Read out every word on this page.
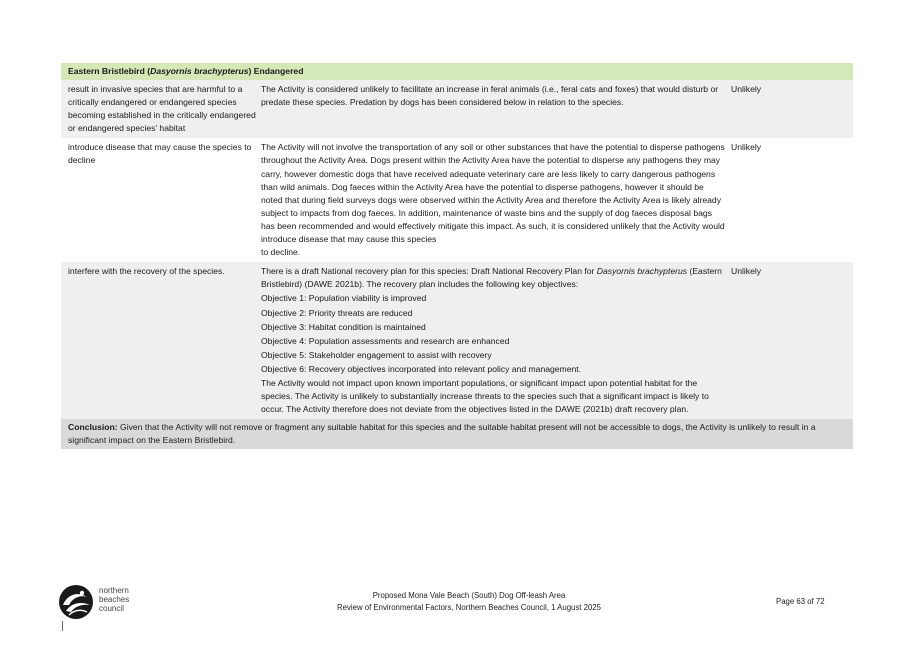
Eastern Bristlebird (Dasyornis brachypterus) Endangered
result in invasive species that are harmful to a critically endangered or endangered species becoming established in the critically endangered or endangered species’ habitat
The Activity is considered unlikely to facilitate an increase in feral animals (i.e., feral cats and foxes) that would disturb or predate these species. Predation by dogs has been considered below in relation to the species.
Unlikely
introduce disease that may cause the species to decline

The Activity will not involve the transportation of any soil or other substances that have the potential to disperse pathogens throughout the Activity Area. Dogs present within the Activity Area have the potential to disperse any pathogens they may carry, however domestic dogs that have received adequate veterinary care are less likely to carry dangerous pathogens than wild animals. Dog faeces within the Activity Area have the potential to disperse pathogens, however it should be noted that during field surveys dogs were observed within the Activity Area and therefore the Activity Area is likely already subject to impacts from dog faeces. In addition, maintenance of waste bins and the supply of dog faeces disposal bags has been recommended and would effectively mitigate this impact. As such, it is considered unlikely that the Activity would introduce disease that may cause this species

to decline.

Unlikely
interfere with the recovery of the species.	There is a draft National recovery plan for this species: Draft National Recovery Plan for Dasyornis brachypterus (Eastern Bristlebird) (DAWE 2021b). The recovery plan includes the following key objectives:

Objective 1: Population viability is improved

Objective 2: Priority threats are reduced

Objective 3: Habitat condition is maintained

Objective 4: Population assessments and research are enhanced

Objective 5: Stakeholder engagement to assist with recovery

Objective 6: Recovery objectives incorporated into relevant policy and management.

The Activity would not impact upon known important populations, or significant impact upon potential habitat for the species. The Activity is unlikely to substantially increase threats to the species such that a significant impact is likely to occur. The Activity therefore does not deviate from the objectives listed in the DAWE (2021b) draft recovery plan.

Unlikely
Conclusion: Given that the Activity will not remove or fragment any suitable habitat for this species and the suitable habitat present will not be accessible to dogs, the Activity is unlikely to result in a significant impact on the Eastern Bristlebird.
northern
beaches
council
Proposed Mona Vale Beach (South) Dog Off-leash Area
Review of Environmental Factors, Northern Beaches Council, 1 August 2025
Page 63 of 72
